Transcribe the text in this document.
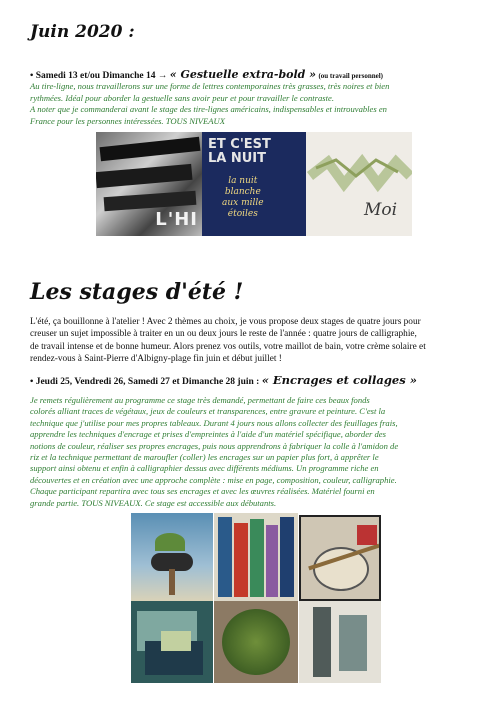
Juin 2020 :
• Samedi 13 et/ou Dimanche 14 → « Gestuelle extra-bold » (ou travail personnel)

Au tire-ligne, nous travaillerons sur une forme de lettres contemporaines très grasses, très noires et bien

rythmées. Idéal pour aborder la gestuelle sans avoir peur et pour travailler le contraste.

A noter que je commanderai avant le stage des tire-lignes américains, indispensables et introuvables en

France pour les personnes intéressées. TOUS NIVEAUX

L'HI
ET C'EST
LA NUIT
la nuit
blanche
aux mille
étoiles	Moi
Les stages d'été !

L'été, ça bouillonne à l'atelier ! Avec 2 thèmes au choix, je vous propose deux stages de quatre jours pour

creuser un sujet impossible à traiter en un ou deux jours le reste de l'année : quatre jours de calligraphie,

de travail intense et de bonne humeur. Alors prenez vos outils, votre maillot de bain, votre crème solaire et

rendez-vous à Saint-Pierre d'Albigny-plage fin juin et début juillet !

• Jeudi 25, Vendredi 26, Samedi 27 et Dimanche 28 juin : « Encrages et collages »

Je remets régulièrement au programme ce stage très demandé, permettant de faire ces beaux fonds

colorés alliant traces de végétaux, jeux de couleurs et transparences, entre gravure et peinture. C'est la

technique que j'utilise pour mes propres tableaux. Durant 4 jours nous allons collecter des feuillages frais,

apprendre les techniques d'encrage et prises d'empreintes à l'aide d'un matériel spécifique, aborder des

notions de couleur, réaliser ses propres encrages, puis nous apprendrons à fabriquer la colle à l'amidon de

riz et la technique permettant de maroufler (coller) les encrages sur un papier plus fort, à apprêter le

support ainsi obtenu et enfin à calligraphier dessus avec différents médiums. Un programme riche en

découvertes et en création avec une approche complète : mise en page, composition, couleur, calligraphie.

Chaque participant repartira avec tous ses encrages et avec les œuvres réalisées. Matériel fourni en

grande partie. TOUS NIVEAUX. Ce stage est accessible aux débutants.
